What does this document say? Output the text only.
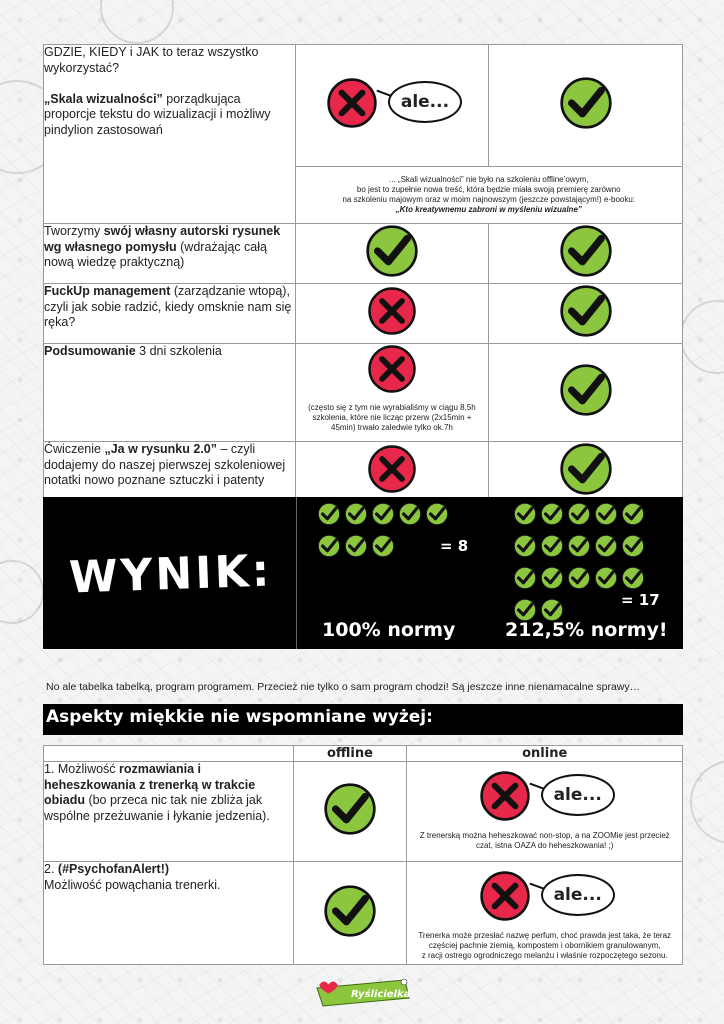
GDZIE, KIEDY i JAK to teraz wszystko wykorzystać?

„Skala wizualności” porządkująca proporcje tekstu do wizualizacji i możliwy pindylion zastosowań	ale...

	... „Skali wizualności” nie było na szkoleniu offline’owym,
bo jest to zupełnie nowa treść, która będzie miała swoją premierę zarówno
na szkoleniu majowym oraz w moim najnowszym (jeszcze powstającym!) e-booku:
„Kto kreatywnemu zabroni w myśleniu wizualne”	
Tworzymy swój własny autorski rysunek wg własnego pomysłu (wdrażając całą nową wiedzę praktyczną)		
FuckUp management (zarządzanie wtopą), czyli jak sobie radzić, kiedy omsknie nam się ręka?		
Podsumowanie 3 dni szkolenia	(często się z tym nie wyrabialiśmy w ciągu 8,5h
szkolenia, które nie licząc przerw (2x15min +
45min) trwało zaledwie tylko ok.7h

Ćwiczenie „Ja w rysunku 2.0” – czyli dodajemy do naszej pierwszej szkoleniowej notatki nowo poznane sztuczki i patenty		

WYNIK:	= 8
100% normy
= 17
212,5% normy!
No ale tabelka tabelką, program programem. Przecież nie tylko o sam program chodzi! Są jeszcze inne nienamacalne sprawy…
Aspekty miękkie nie wspomniane wyżej:
	offline	online
1. Możliwość rozmawiania i heheszkowania z trenerką w trakcie obiadu (bo przeca nic tak nie zbliża jak wspólne przeżuwanie i łykanie jedzenia).		ale...
Z trenerską można heheszkować non-stop, a na ZOOMie jest przecież
czat, istna OAZA do heheszkowania! ;)

2. (#PsychofanAlert!)
Możliwość powąchania trenerki.		ale...
Trenerka może przesłać nazwę perfum, choć prawda jest taka, że teraz
częściej pachnie ziemią, kompostem i obornikiem granulowanym,
z racji ostrego ogrodniczego melanżu i właśnie rozpoczętego sezonu.
Ryślicielka
